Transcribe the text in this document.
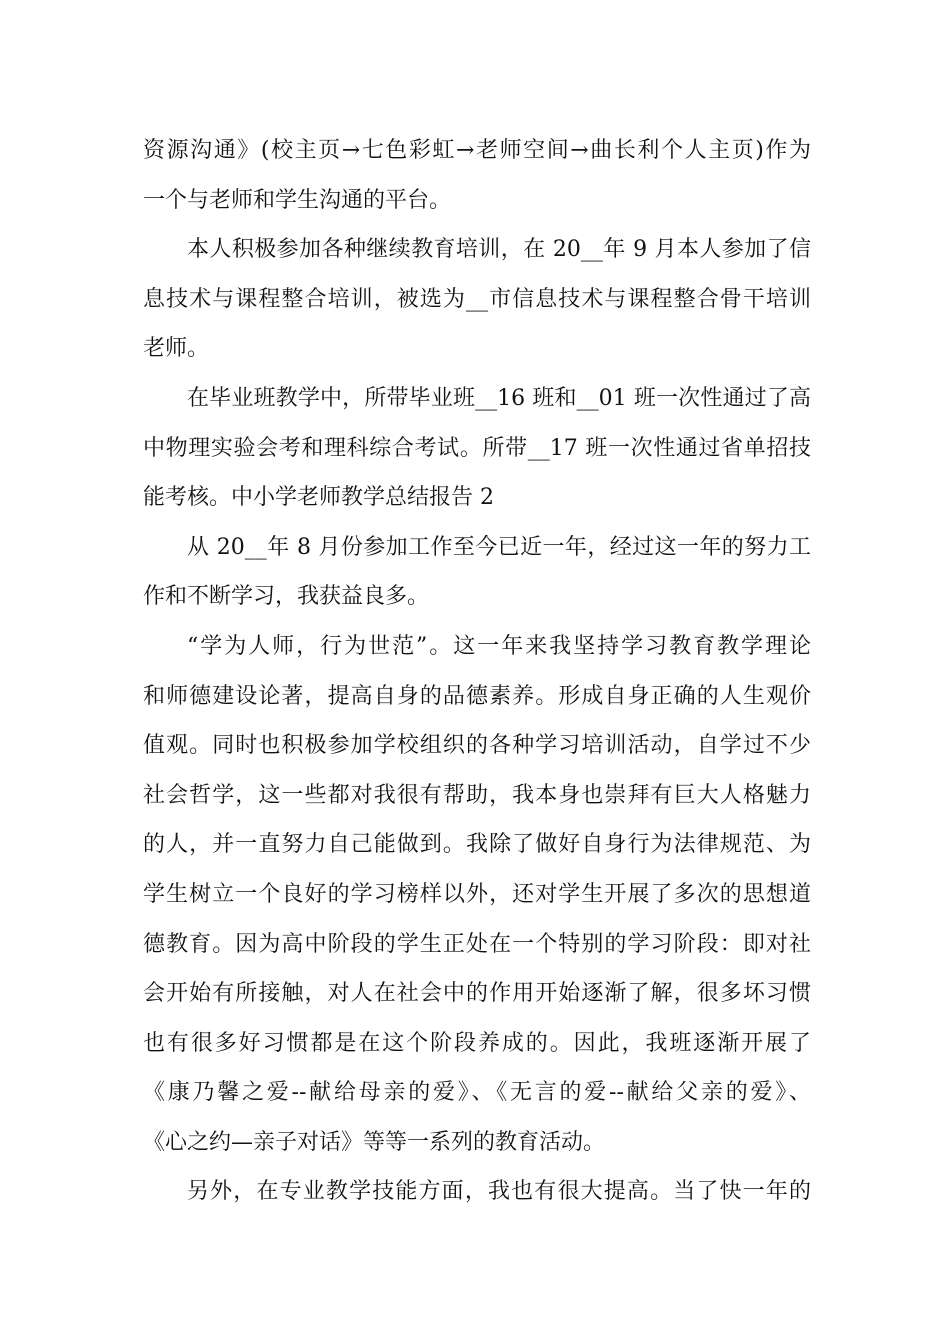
资源沟通》(校主页→七色彩虹→老师空间→曲长利个人主页)作为
一个与老师和学生沟通的平台。
本人积极参加各种继续教育培训，在 20__年 9 月本人参加了信
息技术与课程整合培训，被选为__市信息技术与课程整合骨干培训
老师。
在毕业班教学中，所带毕业班__16 班和__01 班一次性通过了高
中物理实验会考和理科综合考试。所带__17 班一次性通过省单招技
能考核。中小学老师教学总结报告 2
从 20__年 8 月份参加工作至今已近一年，经过这一年的努力工
作和不断学习，我获益良多。
“学为人师，行为世范”。这一年来我坚持学习教育教学理论
和师德建设论著，提高自身的品德素养。形成自身正确的人生观价
值观。同时也积极参加学校组织的各种学习培训活动，自学过不少
社会哲学，这一些都对我很有帮助，我本身也崇拜有巨大人格魅力
的人，并一直努力自己能做到。我除了做好自身行为法律规范、为
学生树立一个良好的学习榜样以外，还对学生开展了多次的思想道
德教育。因为高中阶段的学生正处在一个特别的学习阶段：即对社
会开始有所接触，对人在社会中的作用开始逐渐了解，很多坏习惯
也有很多好习惯都是在这个阶段养成的。因此，我班逐渐开展了
《康乃馨之爱--献给母亲的爱》、《无言的爱--献给父亲的爱》、
《心之约—亲子对话》等等一系列的教育活动。
另外，在专业教学技能方面，我也有很大提高。当了快一年的
